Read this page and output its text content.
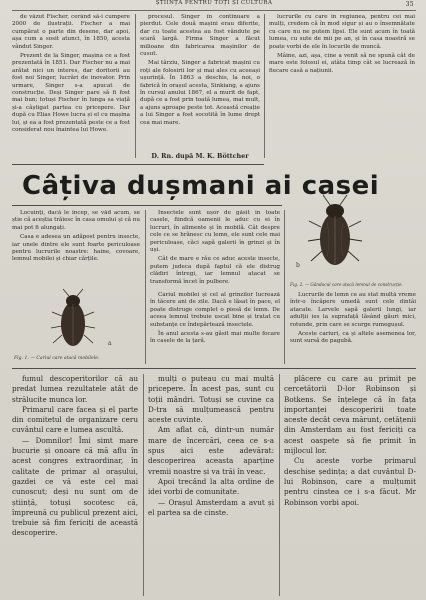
ȘTIINȚA PENTRU TOȚI ȘI CULTURA	35

de văzut Fischer, cerând să-i cumpere 2000 de ilustrații. Fischer a mai cumpărat o parte din desene, dar apoi, așa cum a sosit atunci, în 1850, acesta vândut Singer.

Prezent de la Singer, mașina ce a fost prezentată în 1851. Dar Fischer nu a mai arătat nici un interes, dar doritorii au fost noi Singer, lucrări de inovator. Prin urmare, Singer s-a apucat de construcție. Deși Singer pare să fi fost mai bun; totuși Fischer în lunga sa viață și-a câștigat partea cu pricepere. Dar după cu Elias Howe lucra și el cu mașina lui, și ea a fost prezentată peste ce a fost considerat nou înaintea lui Howe.

procesul. Singer în continuare a pierdut. Cele două mașini erau diferite, dar cu toate acestea au fost vândute pe scară largă. Firma Singer a făcut milioane din fabricarea mașinilor de cusut.

Mai târziu, Singer a fabricat mașini cu roți ale folosirii lor și mai ales cu aceeași ușurință. În 1863 a deschis, la noi, o fabrică în orașul acesta, Sinkiang, a ajuns în cursul anului 1867, el a murit de fapt, după ce a fost prin toată lumea, mai mult, a ajuns aproape peste tot. Această creație a lui Singer a fost socotită în lume drept cea mai mare.

D. Rn. după M. K. Böttcher

lucrurile cu care în regiunea, pentru cei mai mulți, credem că în mod sigur și au o însemnătate cu care nu ne putem lipsi. Ele sunt acum în toată lumea, cu sute de mii pe an, și în casa noastră se poate vorbi de ele în locurile de muncă.

Mâine, azi, așa, cine a venit să ne spună cât de mare este folosul ei, atâta timp cât se lucrează în fiecare casă a națiunii.

Câțiva dușmani ai casei

Locuinți, dacă le încep, se văd acum, se știe că aceștia trăiesc în casa omului și că nu mai pot fi alungați.

Casa e adesea un adăpost pentru insecte, iar unele dintre ele sunt foarte periculoase pentru lucrurile noastre: haine, covoare, lemnul mobilei și chiar cărțile.

Insectele sunt ușor de găsit în toate casele, fiindcă oamenii le aduc cu ei în lucruri, în alimente și în mobilă. Cât despre cele ce se hrănesc cu lemn, ele sunt cele mai periculoase, căci sapă galerii în grinzi și în uși.

Cât de mare e rău ce aduc aceste insecte, putem judeca după faptul că ele distrug clădiri întregi, iar lemnul atacat se transformă încet în pulbere.

Cariul mobilei și cel al grinzilor lucrează în tăcere ani de zile. Dacă e lăsat în pace, el poate distruge complet o piesă de lemn. De aceea lemnul trebuie uscat bine și tratat cu substanțe ce îndepărtează insectele.

În anul acesta s-au găsit mai multe focare în casele de la țară.

a
Fig. 1. — Cariul care atacă mobilele.
b
Fig. 2. — Gândacul care atacă lemnul de construcție.

Lucrurile de lemn ce au stat multă vreme într-o încăpere umedă sunt cele dintâi atacate. Larvele sapă galerii lungi, iar adulții ies la suprafață lăsând găuri mici, rotunde, prin care se scurge rumegușul.

Aceste cariuri, ca și altele asemenea lor, sunt sursă de pagubă.

fumul descoperitorilor că au predat lumea rezultatele atât de strălucite munca lor.

Primarul care facea și el parte din comitetul de organizare ceru cuvântul care e lumea ascultă.

— Domnilor! Îmi simt mare bucurie și onoare că mă aflu în acest congres extraordinar, în calitate de primar al orașului, gazdei ce vă este cel mai cunoscut; deși nu sunt om de știință, totuși socotesc că, împreună cu publicul prezent aici, trebuie să fim fericiți de această descoperire.

mulți o puteau cu mai multă pricepere. În acest pas, sunt cu toții mândri. Totuși se cuvine ca D-tra să mulțumească pentru aceste cuvinte.

Am aflat că, dintr-un număr mare de încercări, ceea ce s-a spus aici este adevărat: descoperirea aceasta aparține vremii noastre și va trăi în veac.

Apoi trecând la alta ordine de idei vorbi de comunitate.

— Orașul Amsterdam a avut și el partea sa de cinste.

plăcere cu care au primit pe cercetătorii D-lor Robinson și Botkens. Se înțelege că în fața importanței descoperirii toate aceste decât ceva mărunt, cetățenii din Amsterdam au fost fericiți ca acest oaspete să fie primit în mijlocul lor.

Cu aceste vorbe primarul deschise ședința; a dat cuvântul D-lui Robinson, care a mulțumit pentru cinstea ce i s-a făcut. Mr Robinson vorbi apoi.
